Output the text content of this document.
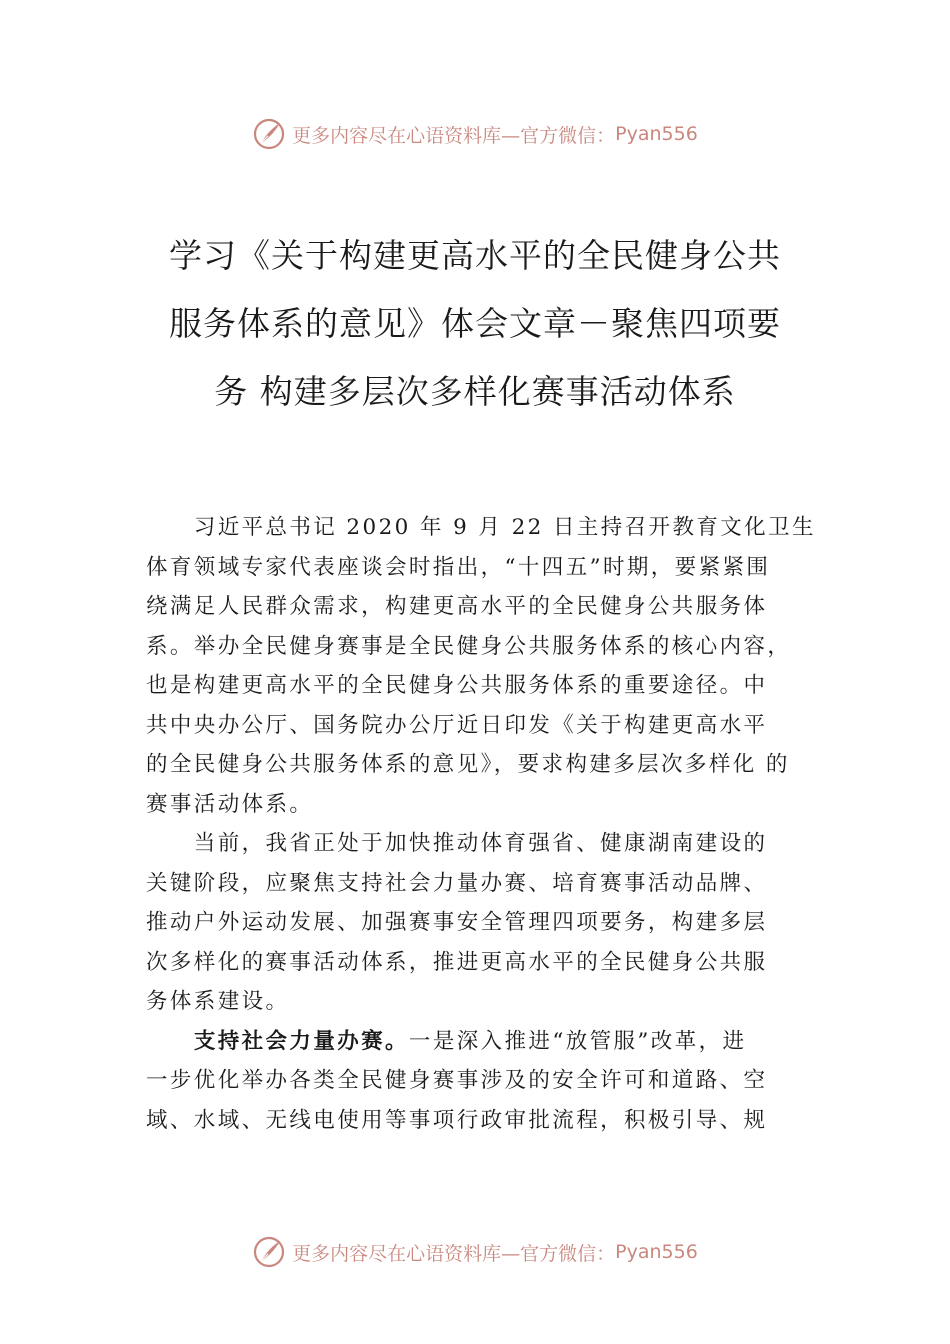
更多内容尽在心语资料库—官方微信： Pyan556
学习《关于构建更高水平的全民健身公共
服务体系的意见》体会文章－聚焦四项要
务 构建多层次多样化赛事活动体系
　　习近平总书记 2020 年 9 月 22 日主持召开教育文化卫生
体育领域专家代表座谈会时指出，“十四五”时期，要紧紧围
绕满足人民群众需求，构建更高水平的全民健身公共服务体
系。举办全民健身赛事是全民健身公共服务体系的核心内容，
也是构建更高水平的全民健身公共服务体系的重要途径。中
共中央办公厅、国务院办公厅近日印发《关于构建更高水平
的全民健身公共服务体系的意见》，要求构建多层次多样化 的
赛事活动体系。
　　当前，我省正处于加快推动体育强省、健康湖南建设的
关键阶段，应聚焦支持社会力量办赛、培育赛事活动品牌、
推动户外运动发展、加强赛事安全管理四项要务，构建多层
次多样化的赛事活动体系，推进更高水平的全民健身公共服
务体系建设。
　　支持社会力量办赛。一是深入推进“放管服”改革，进
一步优化举办各类全民健身赛事涉及的安全许可和道路、空
域、水域、无线电使用等事项行政审批流程，积极引导、规
更多内容尽在心语资料库—官方微信： Pyan556
